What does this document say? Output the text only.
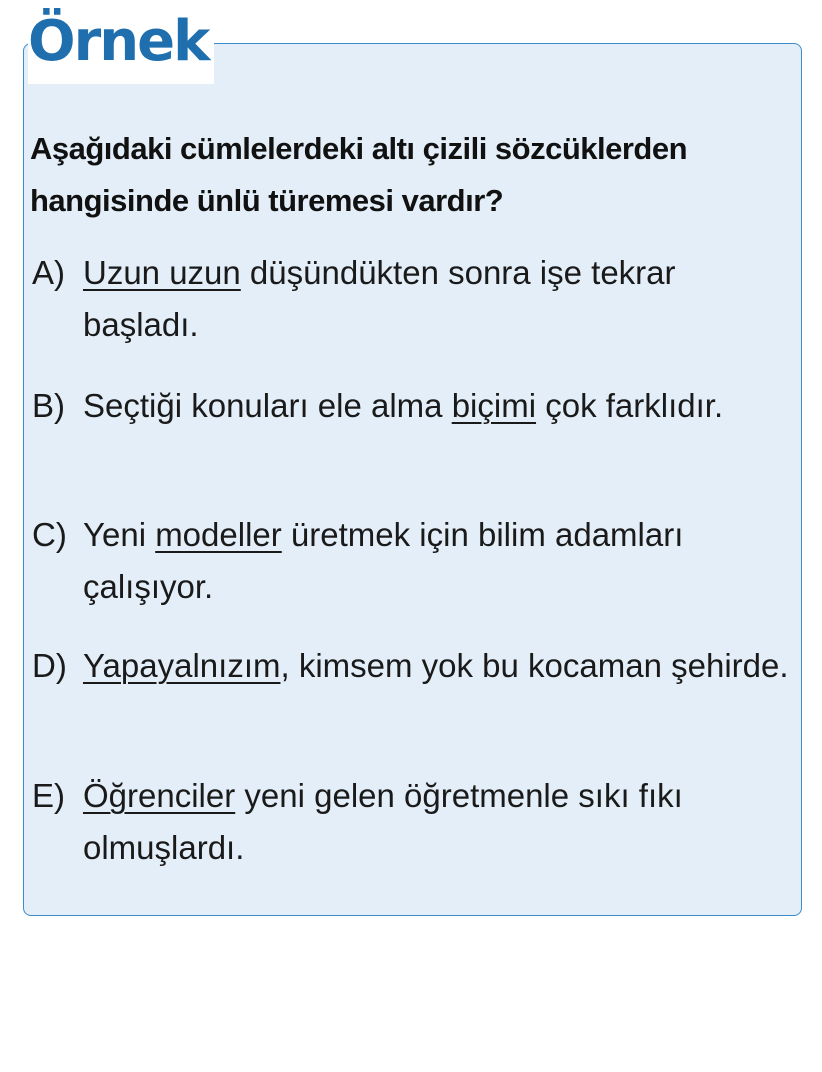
Örnek
Aşağıdaki cümlelerdeki altı çizili sözcüklerden hangisinde ünlü türemesi vardır?
A) Uzun uzun düşündükten sonra işe tekrar başladı.
B) Seçtiği konuları ele alma biçimi çok farklıdır.
C) Yeni modeller üretmek için bilim adamları çalışıyor.
D) Yapayalnızım, kimsem yok bu kocaman şehirde.
E) Öğrenciler yeni gelen öğretmenle sıkı fıkı olmuşlardı.
